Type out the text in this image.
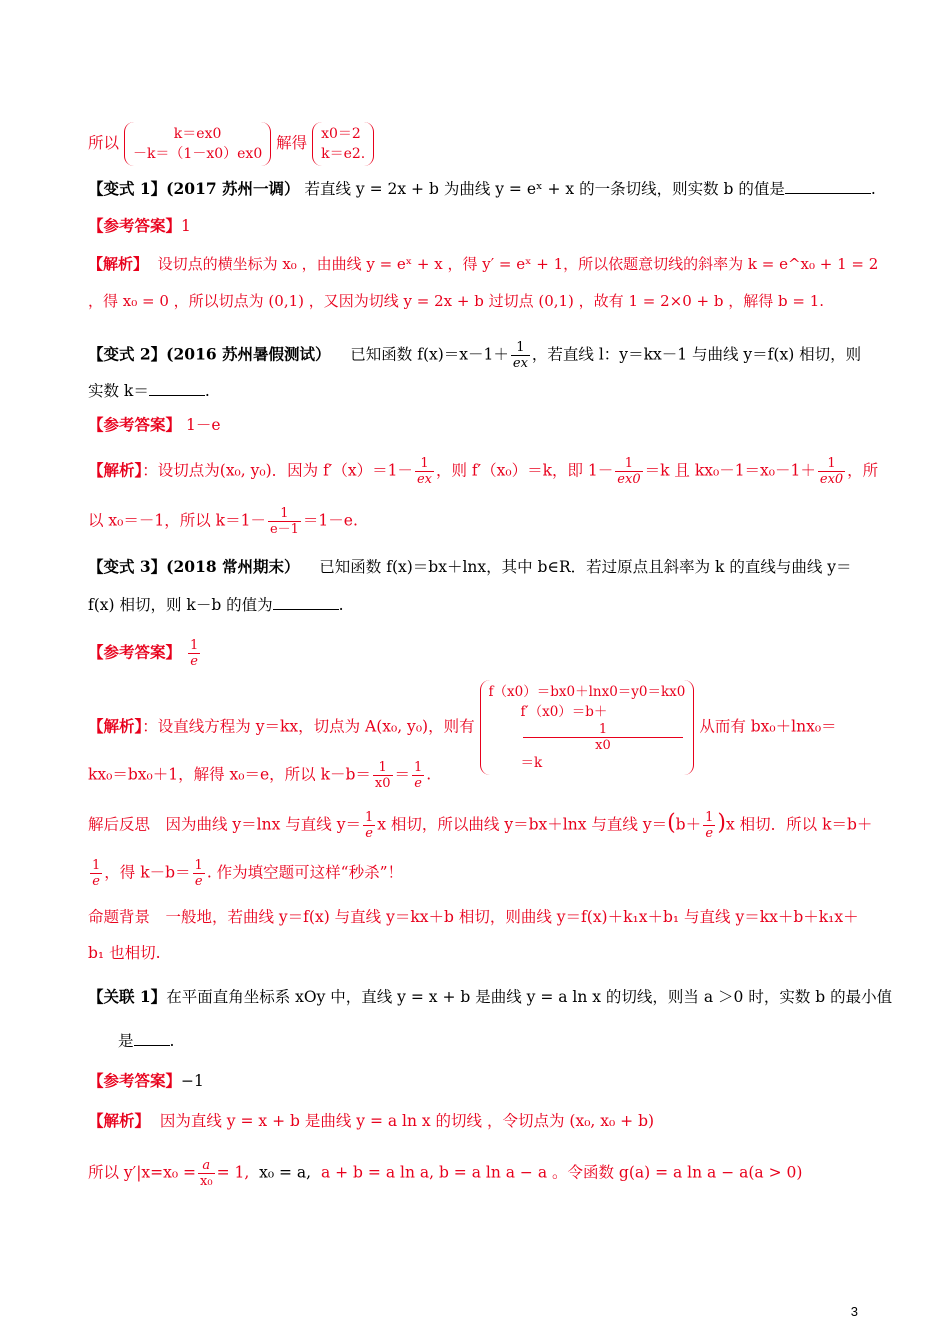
所以	k＝ex0
－k＝（1－x0）ex0
解得 x0＝2
k＝e2.
【变式 1】(2017 苏州一调） 若直线 y = 2x + b 为曲线 y = eˣ + x 的一条切线，则实数 b 的值是	.
【参考答案】1
【解析】 设切点的横坐标为 x₀ ，由曲线 y = eˣ + x ，得 y′ = eˣ + 1，所以依题意切线的斜率为 k = e^x₀ + 1 = 2
，得 x₀ = 0 ，所以切点为 (0,1) ，又因为切线 y = 2x + b 过切点 (0,1) ，故有 1 = 2×0 + b ，解得 b = 1.
【变式 2】(2016 苏州暑假测试） 已知函数 $f(x)=x-1+ \frac{1}{ex}$ ，若直线 l：y＝kx－1 与曲线 y＝f(x) 相切，则
实数 k＝	.
【参考答案】 1－e
【解析】：设切点为(x₀, y₀)．因为 $f'(x)=1- \frac{1}{ex}$ ，则 f′（x₀）＝k，即 $1- \frac{1}{ex0} =k$ 且 $kx_0-1=x_0-1+ \frac{1}{ex0}$ ，所
以 x₀＝－1，所以 $k=1- \frac{1}{e-1} =1-e$.
【变式 3】(2018 常州期末） 已知函数 f(x)＝bx＋lnx，其中 b∈R．若过原点且斜率为 k 的直线与曲线 y＝
f(x) 相切，则 k－b 的值为	.
【参考答案】 $\frac{1}{e}$
【解析】：设直线方程为 y＝kx，切点为 A(x₀, y₀)，则有
f（x0）＝bx0＋lnx0＝y0＝kx0
f′（x0）＝b＋
1
x0
＝k
从而有 bx₀＋lnx₀＝
kx₀＝bx₀＋1，解得 x₀＝e，所以 $k-b= \frac{1}{x0} = \frac{1}{e}$ .
解后反思　因为曲线 y＝lnx 与直线 $y= \frac{1}{e}$ x 相切，所以曲线 y＝bx＋lnx 与直线 $y=(b+ \frac{1}{e} )x$ 相切．所以 k＝b＋
$\frac{1}{e}$ ，得 $k-b= \frac{1}{e}$ . 作为填空题可这样“秒杀”！
命题背景　一般地，若曲线 y＝f(x) 与直线 y＝kx＋b 相切，则曲线 y＝f(x)＋k₁x＋b₁ 与直线 y＝kx＋b＋k₁x＋
b₁ 也相切.
【关联 1】在平面直角坐标系 xOy 中，直线 y = x + b 是曲线 y = a ln x 的切线，则当 a ＞0 时，实数 b 的最小值
是 .
【参考答案】−1
【解析】 因为直线 y = x + b 是曲线 y = a ln x 的切线 ，令切点为 (x₀, x₀ + b)
所以 $y'|x=x_0 = \frac{a}{\text{x₀}} = 1$, x₀ = a, a + b = a ln a, b = a ln a − a 。令函数 g(a) = a ln a − a(a > 0)
3
